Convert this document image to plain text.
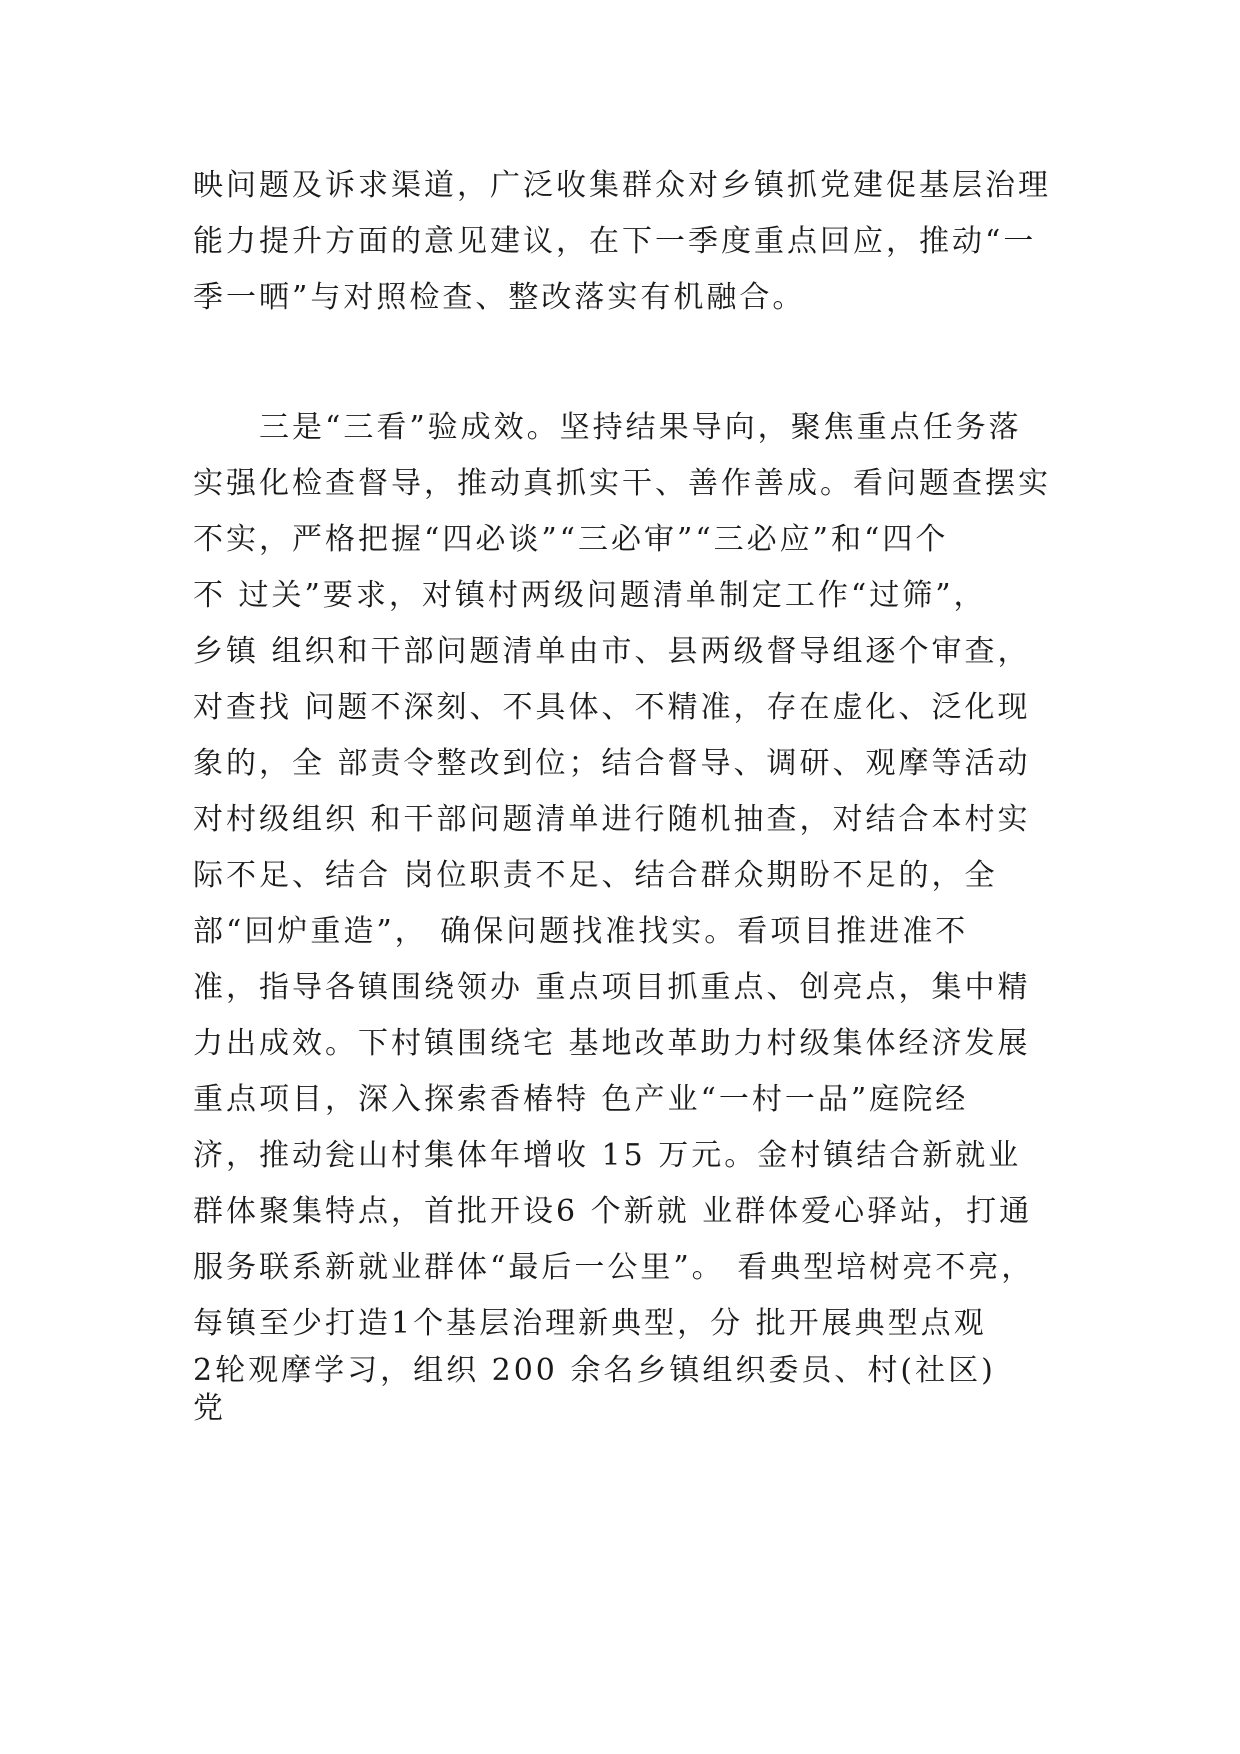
映问题及诉求渠道，广泛收集群众对乡镇抓党建促基层治理
能力提升方面的意见建议，在下一季度重点回应，推动“一
季一晒”与对照检查、整改落实有机融合。
　　三是“三看”验成效。坚持结果导向，聚焦重点任务落
实强化检查督导，推动真抓实干、善作善成。看问题查摆实
不实，严格把握“四必谈”“三必审”“三必应”和“四个
不 过关”要求，对镇村两级问题清单制定工作“过筛”，
乡镇 组织和干部问题清单由市、县两级督导组逐个审查，
对查找 问题不深刻、不具体、不精准，存在虚化、泛化现
象的，全 部责令整改到位；结合督导、调研、观摩等活动
对村级组织 和干部问题清单进行随机抽查，对结合本村实
际不足、结合 岗位职责不足、结合群众期盼不足的，全
部“回炉重造”， 确保问题找准找实。看项目推进准不
准，指导各镇围绕领办 重点项目抓重点、创亮点，集中精
力出成效。下村镇围绕宅 基地改革助力村级集体经济发展
重点项目，深入探索香椿特 色产业“一村一品”庭院经
济，推动瓮山村集体年增收 15 万元。金村镇结合新就业
群体聚集特点，首批开设6 个新就 业群体爱心驿站，打通
服务联系新就业群体“最后一公里”。 看典型培树亮不亮，
每镇至少打造1个基层治理新典型，分 批开展典型点观
2轮观摩学习，组织 200 余名乡镇组织委员、村(社区)
党
